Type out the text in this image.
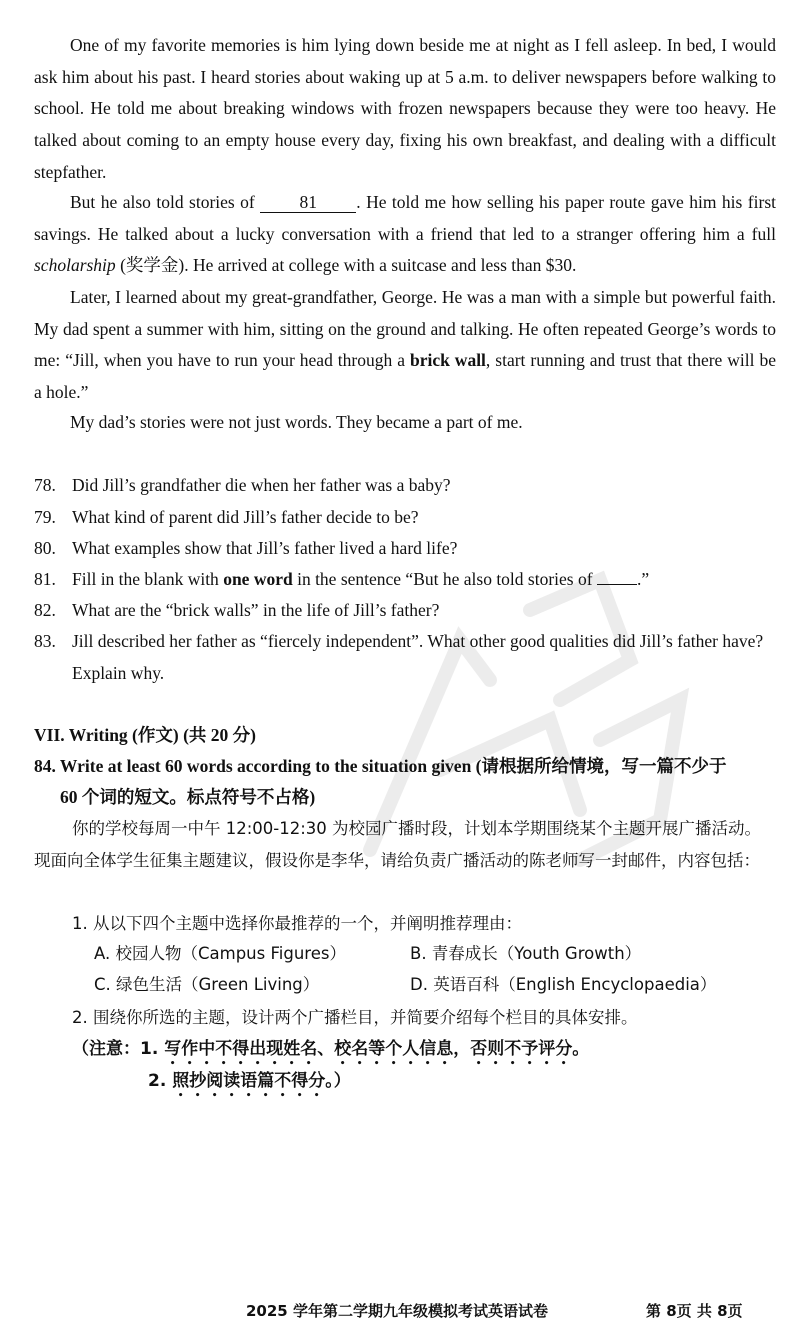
One of my favorite memories is him lying down beside me at night as I fell asleep. In bed, I would ask him about his past. I heard stories about waking up at 5 a.m. to deliver newspapers before walking to school. He told me about breaking windows with frozen newspapers because they were too heavy. He talked about coming to an empty house every day, fixing his own breakfast, and dealing with a difficult stepfather.
But he also told stories of	81 . He told me how selling his paper route gave him his first savings. He talked about a lucky conversation with a friend that led to a stranger offering him a full scholarship (奖学金). He arrived at college with a suitcase and less than $30.
Later, I learned about my great-grandfather, George. He was a man with a simple but powerful faith. My dad spent a summer with him, sitting on the ground and talking. He often repeated George’s words to me: “Jill, when you have to run your head through a brick wall, start running and trust that there will be a hole.”
My dad’s stories were not just words. They became a part of me.
78. Did Jill’s grandfather die when her father was a baby?
79. What kind of parent did Jill’s father decide to be?
80. What examples show that Jill’s father lived a hard life?
81. Fill in the blank with one word in the sentence “But he also told stories of	.”
82. What are the “brick walls” in the life of Jill’s father?
83. Jill described her father as “fiercely independent”. What other good qualities did Jill’s father have? Explain why.
VII. Writing (作文) (共 20 分)
84. Write at least 60 words according to the situation given (请根据所给情境，写一篇不少于
60 个词的短文。标点符号不占格)
你的学校每周一中午 12:00-12:30 为校园广播时段，计划本学期围绕某个主题开展广播活动。现面向全体学生征集主题建议，假设你是李华，请给负责广播活动的陈老师写一封邮件，内容包括：
1. 从以下四个主题中选择你最推荐的一个，并阐明推荐理由：
A. 校园人物（Campus Figures）	B. 青春成长（Youth Growth）
C. 绿色生活（Green Living）	D. 英语百科（English Encyclopaedia）
2. 围绕你所选的主题，设计两个广播栏目，并简要介绍每个栏目的具体安排。
（注意：1. 写作中不得出现姓名、校名等个人信息，否则不予评分。
2. 照抄阅读语篇不得分。）
2025 学年第二学期九年级模拟考试英语试卷	第 8页 共 8页
